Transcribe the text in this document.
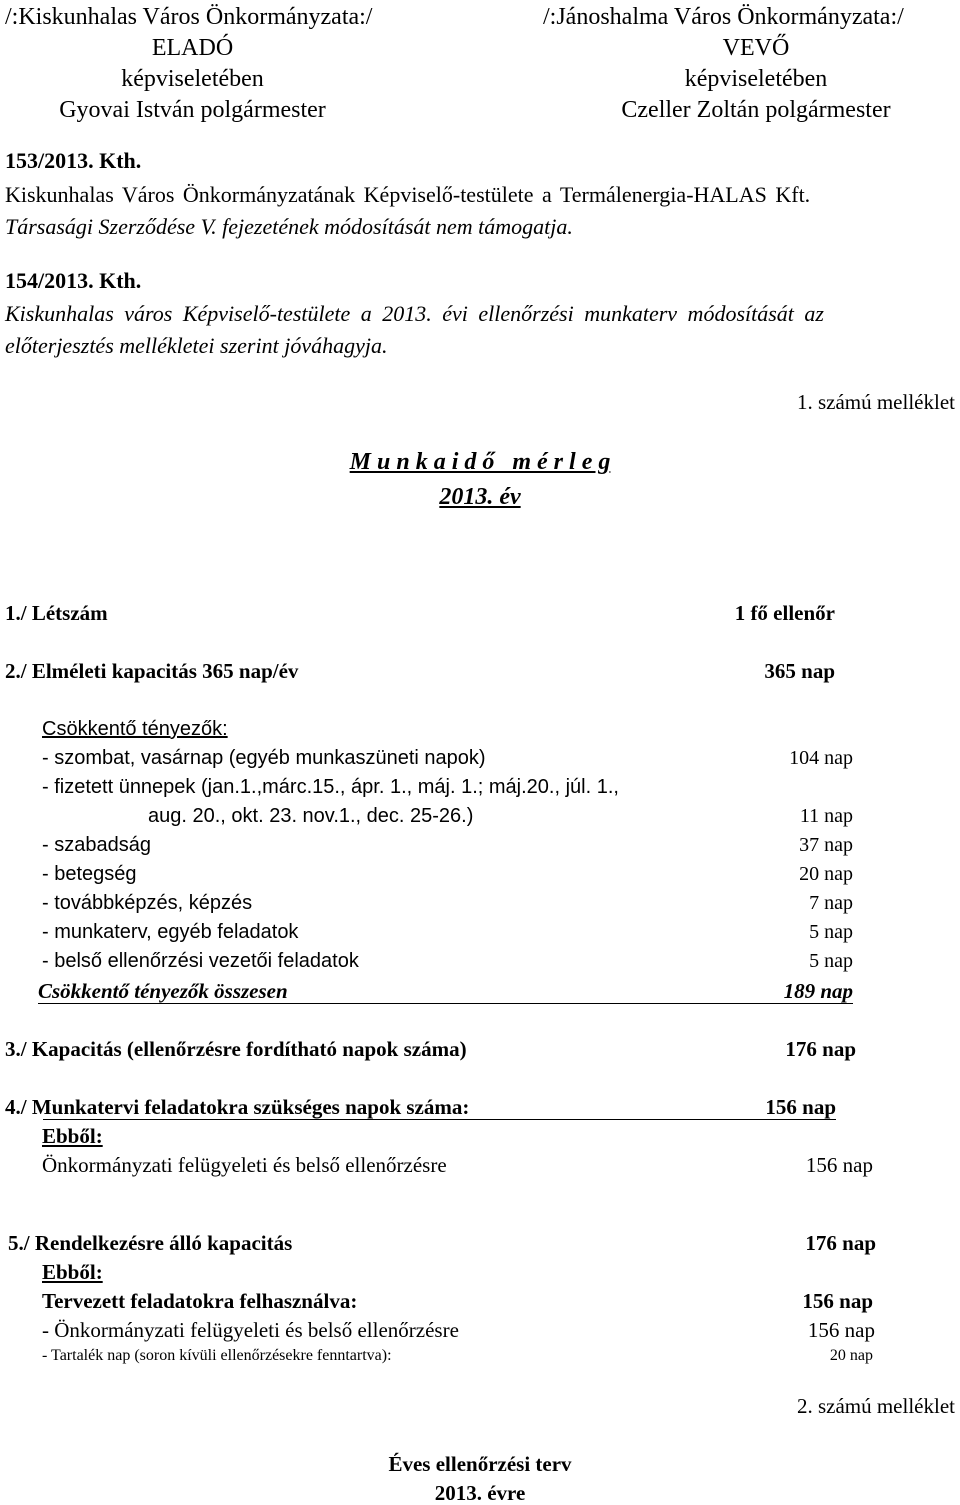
/:Kiskunhalas Város Önkormányzata:/
ELADÓ
képviseletében
Gyovai István polgármester
/:Jánoshalma Város Önkormányzata:/
VEVŐ
képviseletében
Czeller Zoltán polgármester
153/2013. Kth.
Kiskunhalas Város Önkormányzatának Képviselő-testülete a Termálenergia-HALAS Kft.
Társasági Szerződése V. fejezetének módosítását nem támogatja.
154/2013. Kth.
Kiskunhalas város Képviselő-testülete a 2013. évi ellenőrzési munkaterv módosítását az
előterjesztés mellékletei szerint jóváhagyja.
1. számú melléklet
M u n k a i d ő   m é r l e g
2013. év
1./ Létszám	1 fő ellenőr
2./ Elméleti kapacitás 365 nap/év	365 nap
Csökkentő tényezők:
- szombat, vasárnap (egyéb munkaszüneti napok)	104 nap
- fizetett ünnepek (jan.1.,márc.15., ápr. 1., máj. 1.; máj.20., júl. 1.,
aug. 20., okt. 23. nov.1., dec. 25-26.)	11 nap
- szabadság	37 nap
- betegség	20 nap
- továbbképzés, képzés	7 nap
- munkaterv, egyéb feladatok	5 nap
- belső ellenőrzési vezetői feladatok	5 nap
Csökkentő tényezők összesen	189 nap
3./ Kapacitás (ellenőrzésre fordítható napok száma)	176 nap
4./ Munkatervi feladatokra szükséges napok száma:	156 nap
Ebből:
Önkormányzati felügyeleti és belső ellenőrzésre	156 nap
5./ Rendelkezésre álló kapacitás	176 nap
Ebből:
Tervezett feladatokra felhasználva:	156 nap
- Önkormányzati felügyeleti és belső ellenőrzésre	156 nap
- Tartalék nap (soron kívüli ellenőrzésekre fenntartva):	20 nap
2. számú melléklet
Éves ellenőrzési terv
2013. évre
